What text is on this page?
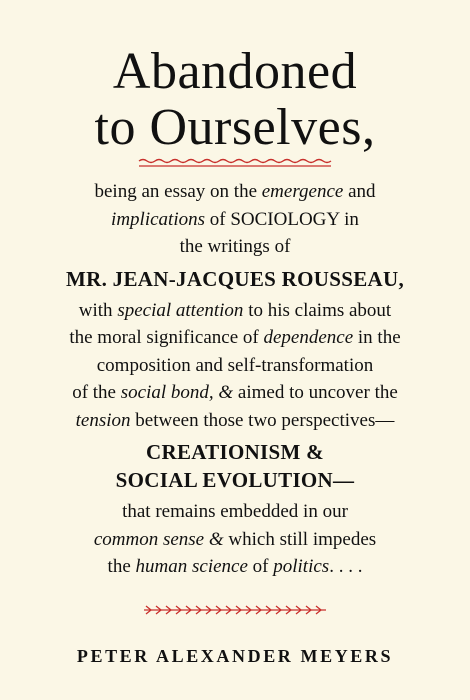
Abandoned
to Ourselves,
being an essay on the emergence and
implications of SOCIOLOGY in
the writings of
MR. JEAN-JACQUES ROUSSEAU,
with special attention to his claims about
the moral significance of dependence in the
composition and self-transformation
of the social bond, & aimed to uncover the
tension between those two perspectives—
CREATIONISM &
SOCIAL EVOLUTION—
that remains embedded in our
common sense & which still impedes
the human science of politics. . . .
PETER ALEXANDER MEYERS
